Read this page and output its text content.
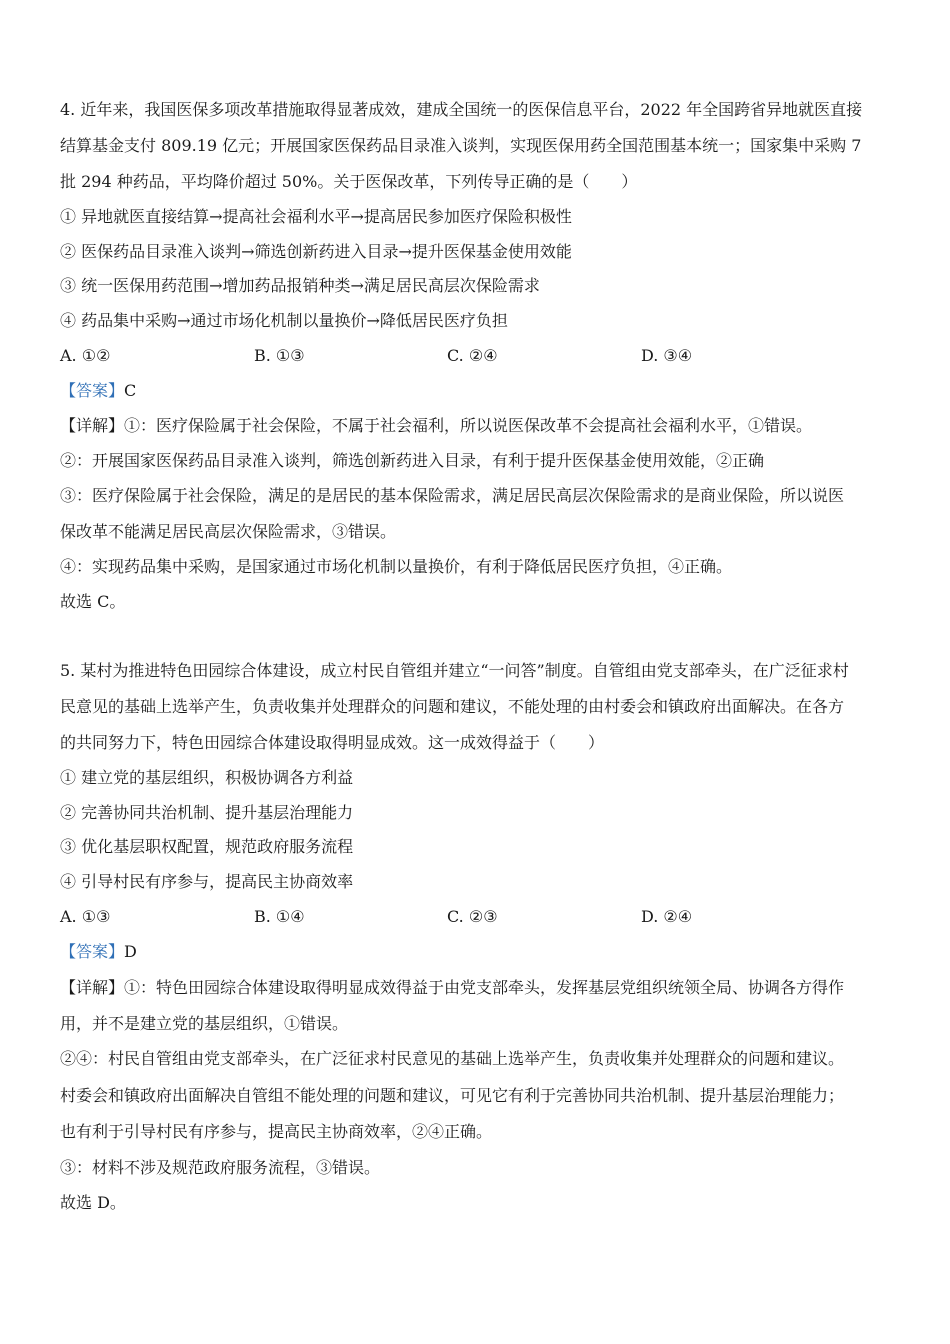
4. 近年来，我国医保多项改革措施取得显著成效，建成全国统一的医保信息平台，2022 年全国跨省异地就医直接
结算基金支付 809.19 亿元；开展国家医保药品目录准入谈判，实现医保用药全国范围基本统一；国家集中采购 7
批 294 种药品，平均降价超过 50%。关于医保改革，下列传导正确的是（　　）
① 异地就医直接结算→提高社会福利水平→提高居民参加医疗保险积极性
② 医保药品目录准入谈判→筛选创新药进入目录→提升医保基金使用效能
③ 统一医保用药范围→增加药品报销种类→满足居民高层次保险需求
④ 药品集中采购→通过市场化机制以量换价→降低居民医疗负担
A. ①②	B. ①③	C. ②④	D. ③④
【答案】C
【详解】①：医疗保险属于社会保险，不属于社会福利，所以说医保改革不会提高社会福利水平，①错误。
②：开展国家医保药品目录准入谈判，筛选创新药进入目录，有利于提升医保基金使用效能，②正确
③：医疗保险属于社会保险，满足的是居民的基本保险需求，满足居民高层次保险需求的是商业保险，所以说医
保改革不能满足居民高层次保险需求，③错误。
④：实现药品集中采购，是国家通过市场化机制以量换价，有利于降低居民医疗负担，④正确。
故选 C。
5. 某村为推进特色田园综合体建设，成立村民自管组并建立“一问答”制度。自管组由党支部牵头，在广泛征求村
民意见的基础上选举产生，负责收集并处理群众的问题和建议，不能处理的由村委会和镇政府出面解决。在各方
的共同努力下，特色田园综合体建设取得明显成效。这一成效得益于（　　）
① 建立党的基层组织，积极协调各方利益
② 完善协同共治机制、提升基层治理能力
③ 优化基层职权配置，规范政府服务流程
④ 引导村民有序参与，提高民主协商效率
A. ①③	B. ①④	C. ②③	D. ②④
【答案】D
【详解】①：特色田园综合体建设取得明显成效得益于由党支部牵头，发挥基层党组织统领全局、协调各方得作
用，并不是建立党的基层组织，①错误。
②④：村民自管组由党支部牵头，在广泛征求村民意见的基础上选举产生，负责收集并处理群众的问题和建议。
村委会和镇政府出面解决自管组不能处理的问题和建议，可见它有利于完善协同共治机制、提升基层治理能力；
也有利于引导村民有序参与，提高民主协商效率，②④正确。
③：材料不涉及规范政府服务流程，③错误。
故选 D。
